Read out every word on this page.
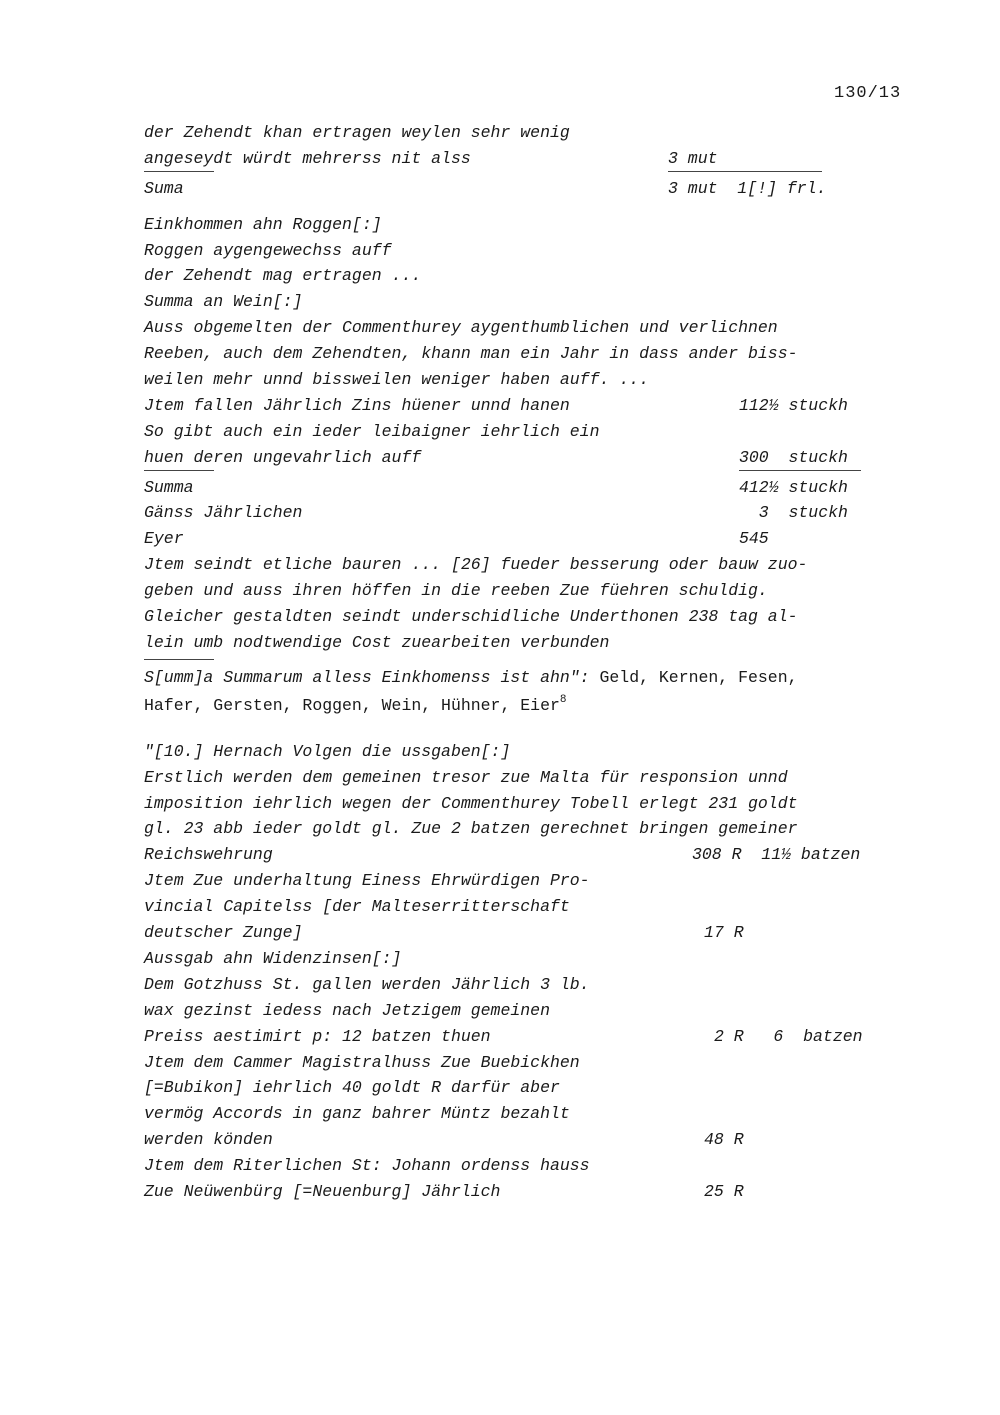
130/13
der Zehendt khan ertragen weylen sehr wenig
angeseydt würdt mehrerss nit alss	3 mut

Suma	3 mut  1[!] frl.
Einkhommen ahn Roggen[:]
Roggen aygengewechss auff
der Zehendt mag ertragen ...
Summa an Wein[:]
Auss obgemelten der Commenthurey aygenthumblichen und verlichnen
Reeben, auch dem Zehendten, khann man ein Jahr in dass ander biss-
weilen mehr unnd bissweilen weniger haben auff. ...
Jtem fallen Jährlich Zins hüener unnd hanen	112½ stuckh
So gibt auch ein ieder leibaigner iehrlich ein
huen deren ungevahrlich auff	300  stuckh

Summa	412½ stuckh
Gänss Jährlichen	3  stuckh
Eyer	545
Jtem seindt etliche bauren ... [26] fueder besserung oder bauw zuo-
geben und auss ihren höffen in die reeben Zue füehren schuldig.
Gleicher gestaldten seindt underschidliche Underthonen 238 tag al-
lein umb nodtwendige Cost zuearbeiten verbunden

S[umm]a Summarum alless Einkhomenss ist ahn": Geld, Kernen, Fesen,
Hafer, Gersten, Roggen, Wein, Hühner, Eier$^8$
"[10.] Hernach Volgen die ussgaben[:]
Erstlich werden dem gemeinen tresor zue Malta für responsion unnd
imposition iehrlich wegen der Commenthurey Tobell erlegt 231 goldt
gl. 23 abb ieder goldt gl. Zue 2 batzen gerechnet bringen gemeiner
Reichswehrung	308 R  11½ batzen
Jtem Zue underhaltung Einess Ehrwürdigen Pro-
vincial Capitelss [der Malteserritterschaft
deutscher Zunge]	17 R
Aussgab ahn Widenzinsen[:]
Dem Gotzhuss St. gallen werden Jährlich 3 lb.
wax gezinst iedess nach Jetzigem gemeinen
Preiss aestimirt p: 12 batzen thuen	2 R   6  batzen
Jtem dem Cammer Magistralhuss Zue Buebickhen
[=Bubikon] iehrlich 40 goldt R darfür aber
vermög Accords in ganz bahrer Müntz bezahlt
werden könden	48 R
Jtem dem Riterlichen St: Johann ordenss hauss
Zue Neüwenbürg [=Neuenburg] Jährlich	25 R
